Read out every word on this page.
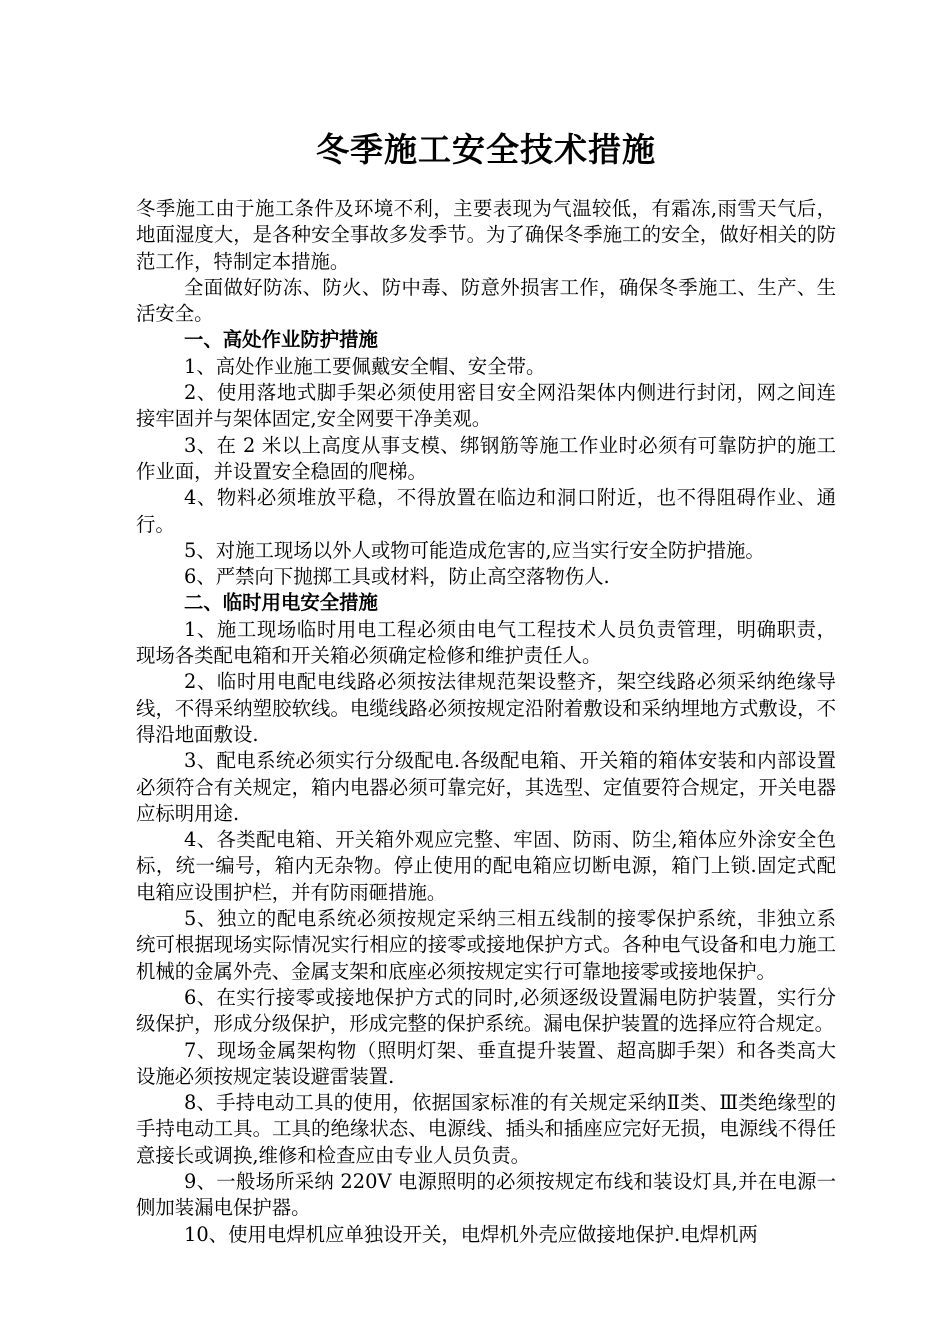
冬季施工安全技术措施

冬季施工由于施工条件及环境不利，主要表现为气温较低，有霜冻,雨雪天气后，地面湿度大，是各种安全事故多发季节。为了确保冬季施工的安全，做好相关的防范工作，特制定本措施。

全面做好防冻、防火、防中毒、防意外损害工作，确保冬季施工、生产、生活安全。

一、高处作业防护措施

1、高处作业施工要佩戴安全帽、安全带。

2、使用落地式脚手架必须使用密目安全网沿架体内侧进行封闭，网之间连接牢固并与架体固定,安全网要干净美观。

3、在 2 米以上高度从事支模、绑钢筋等施工作业时必须有可靠防护的施工作业面，并设置安全稳固的爬梯。

4、物料必须堆放平稳，不得放置在临边和洞口附近，也不得阻碍作业、通行。

5、对施工现场以外人或物可能造成危害的,应当实行安全防护措施。

6、严禁向下抛掷工具或材料，防止高空落物伤人.

二、临时用电安全措施

1、施工现场临时用电工程必须由电气工程技术人员负责管理，明确职责，现场各类配电箱和开关箱必须确定检修和维护责任人。

2、临时用电配电线路必须按法律规范架设整齐，架空线路必须采纳绝缘导线，不得采纳塑胶软线。电缆线路必须按规定沿附着敷设和采纳埋地方式敷设，不得沿地面敷设.

3、配电系统必须实行分级配电.各级配电箱、开关箱的箱体安装和内部设置必须符合有关规定，箱内电器必须可靠完好，其选型、定值要符合规定，开关电器应标明用途.

4、各类配电箱、开关箱外观应完整、牢固、防雨、防尘,箱体应外涂安全色标，统一编号，箱内无杂物。停止使用的配电箱应切断电源，箱门上锁.固定式配电箱应设围护栏，并有防雨砸措施。

5、独立的配电系统必须按规定采纳三相五线制的接零保护系统，非独立系统可根据现场实际情况实行相应的接零或接地保护方式。各种电气设备和电力施工机械的金属外壳、金属支架和底座必须按规定实行可靠地接零或接地保护。

6、在实行接零或接地保护方式的同时,必须逐级设置漏电防护装置，实行分级保护，形成分级保护，形成完整的保护系统。漏电保护装置的选择应符合规定。

7、现场金属架构物（照明灯架、垂直提升装置、超高脚手架）和各类高大设施必须按规定装设避雷装置.

8、手持电动工具的使用，依据国家标准的有关规定采纳Ⅱ类、Ⅲ类绝缘型的手持电动工具。工具的绝缘状态、电源线、插头和插座应完好无损，电源线不得任意接长或调换,维修和检查应由专业人员负责。

9、一般场所采纳 220V 电源照明的必须按规定布线和装设灯具,并在电源一侧加装漏电保护器。

10、使用电焊机应单独设开关，电焊机外壳应做接地保护.电焊机两
